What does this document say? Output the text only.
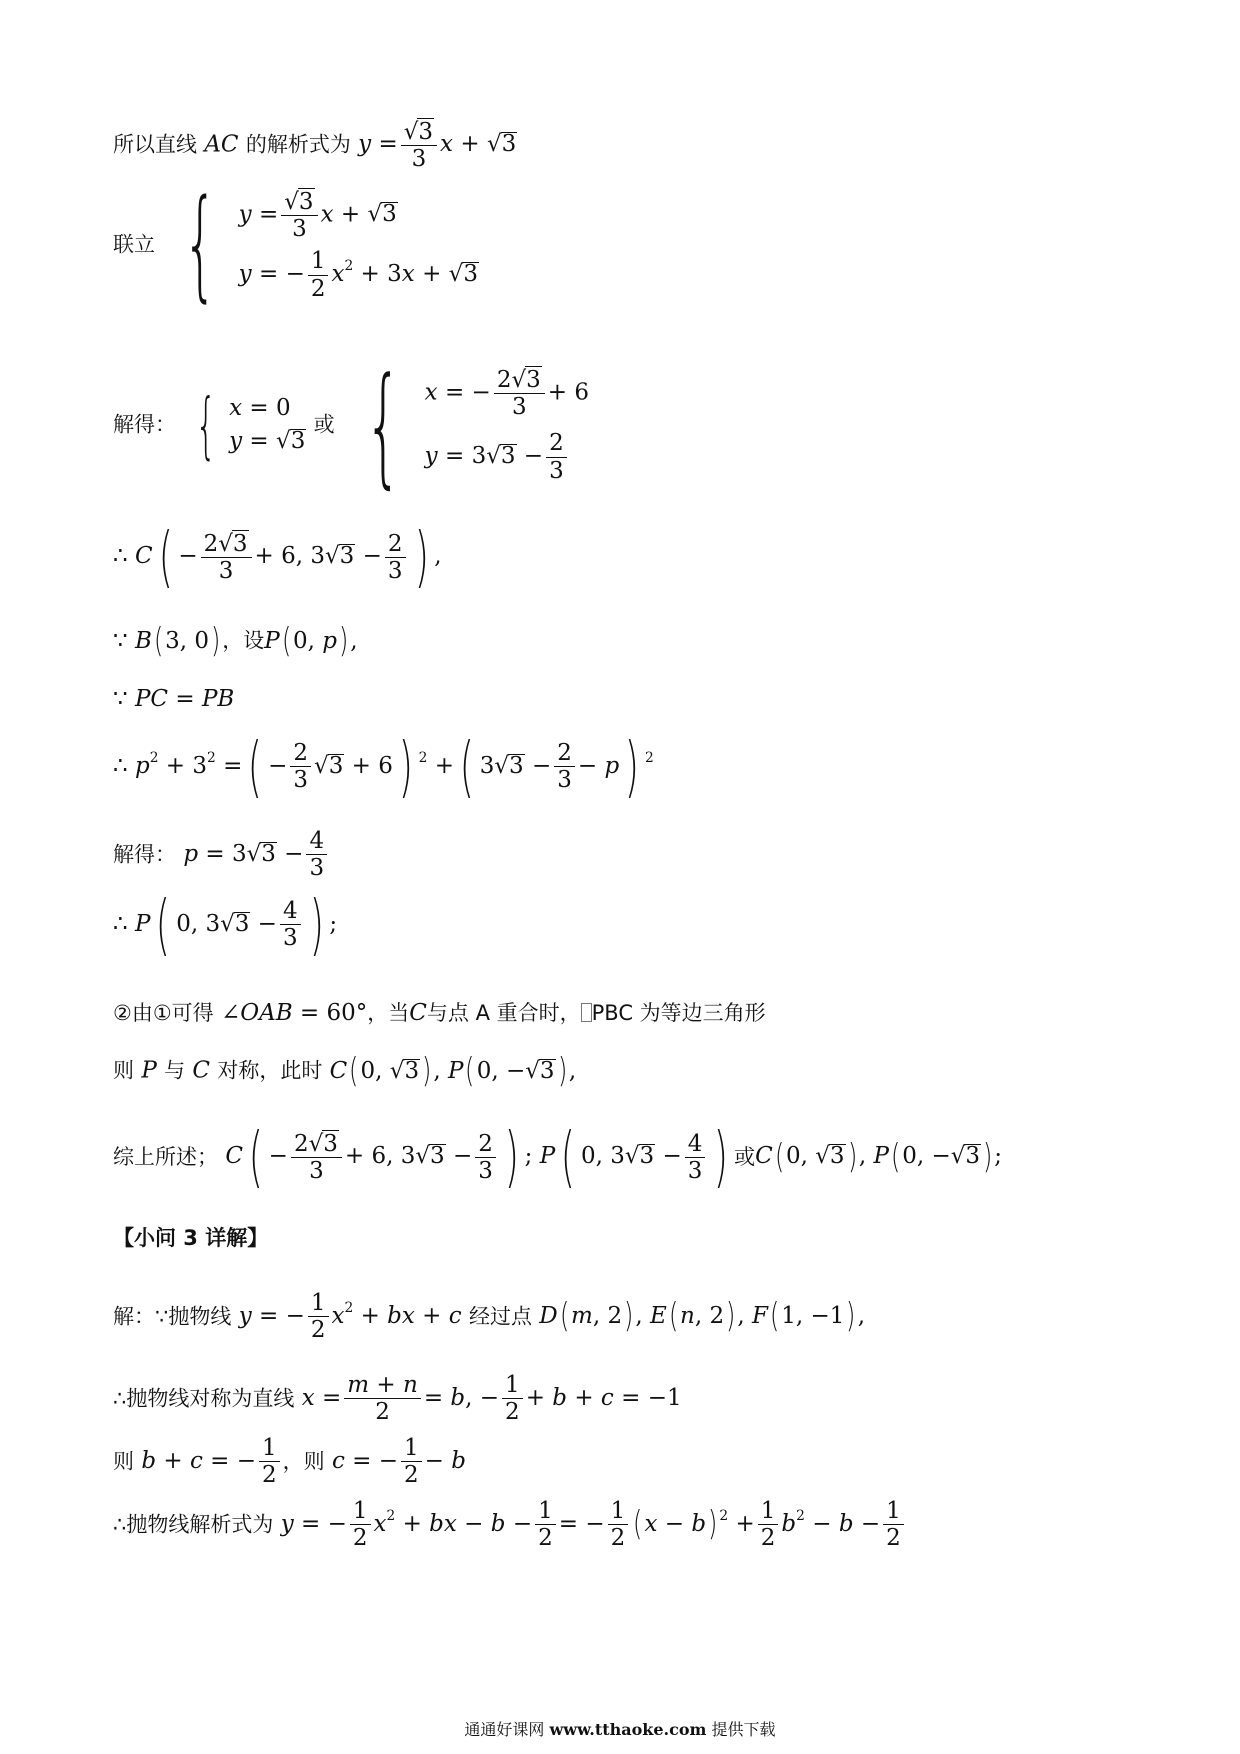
所以直线 AC 的解析式为 $y = \frac{√3}{3}$ x + √3
联立 { $y = \frac{√3}{3}$ x + √3
y = − $\frac{1}{2} x^2 + 3x + √3$
解得： { x = 0
y = √3
或 { x = − $\frac{2√3}{3} + 6$
$y = 3√3 - \frac{2}{3}$
∴ $C( - \frac{2√3}{3} + 6$, $3√3 - \frac{2}{3}$ ) ,
∵ B(3, 0)，设P(0, p),
∵ PC = PB
∴ $p^2 + 3^2$ =( − $\frac{2}{3} √3 + 6$) $^2$ +( $3√3 - \frac{2}{3} - p$) $^2$
解得： $p = 3√3 - \frac{4}{3}$
∴ P( 0, $3√3 - \frac{4}{3}$ ) ;
②由①可得 ∠OAB = 60°，当C与点 A 重合时， PBC 为等边三角形
则 P 与 C 对称，此时 C(0, √3), P(0, −√3),
综上所述； $C( - \frac{2√3}{3} + 6$, $3√3 - \frac{2}{3}$ ) ; P( 0, $3√3 - \frac{4}{3}$ ) 或C(0, √3), P(0, −√3);
【小问 3 详解】
解：∵抛物线 y = − $\frac{1}{2} x^2$ + bx + c 经过点 D(m, 2), E(n, 2), F(1, −1),
∴抛物线对称为直线 $x = \frac{m + n}{2} = b$, − $\frac{1}{2} + b + c = -1$
则 b + c = − $\frac{1}{2}$ ，则 c = − $\frac{1}{2} - b$
∴抛物线解析式为 y = − $\frac{1}{2} x^2$ + bx − $b - \frac{1}{2}$ = − $\frac{1}{2} (x - b) ^2 + \frac{1}{2} b^2 - b - \frac{1}{2}$
通通好课网 www.tthaoke.com 提供下载
